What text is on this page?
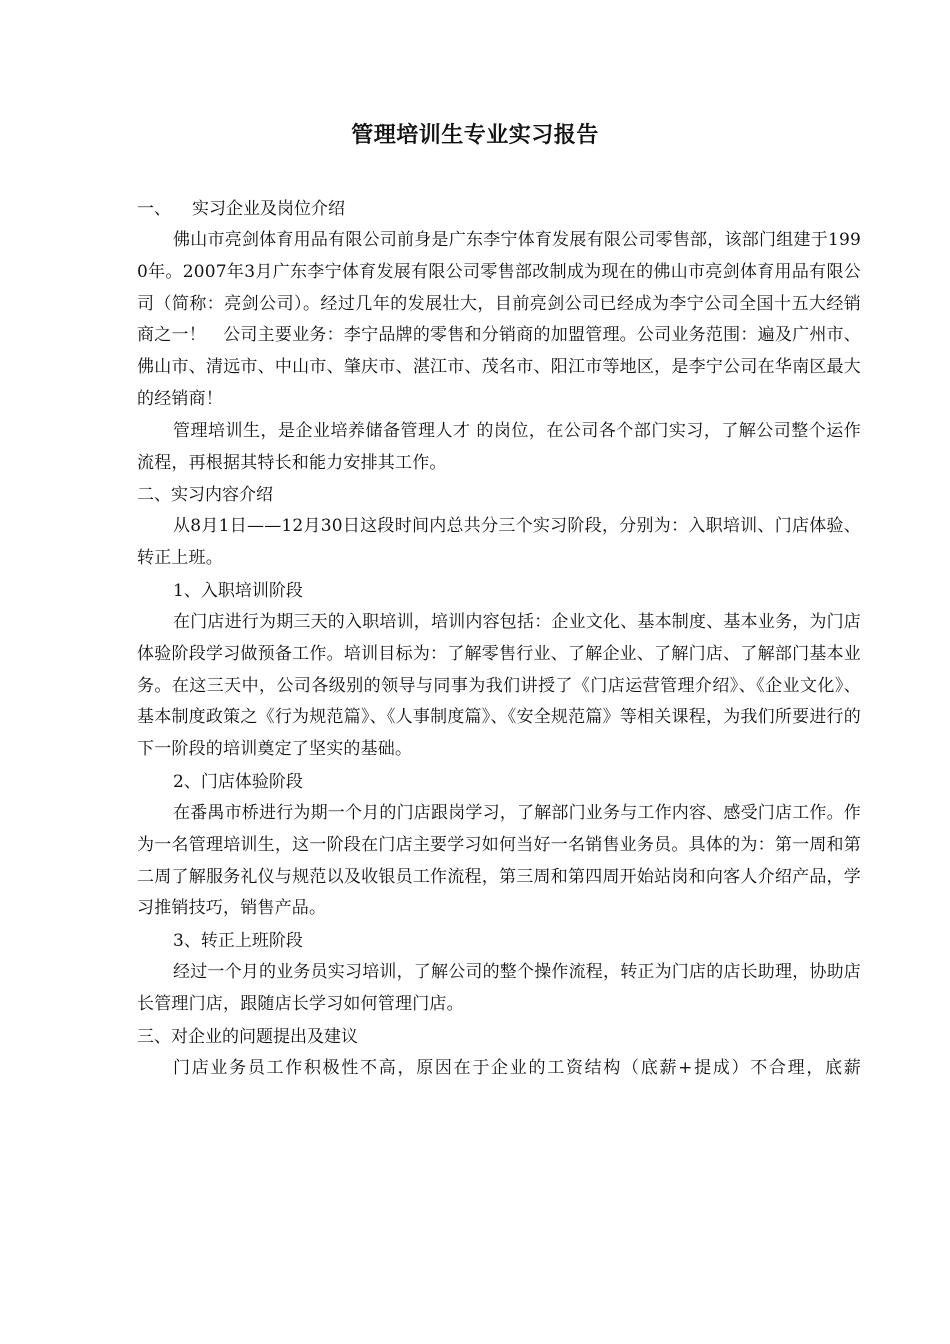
管理培训生专业实习报告
一、 实习企业及岗位介绍

佛山市亮剑体育用品有限公司前身是广东李宁体育发展有限公司零售部，该部门组建于1990年。2007年3月广东李宁体育发展有限公司零售部改制成为现在的佛山市亮剑体育用品有限公司（简称：亮剑公司）。经过几年的发展壮大，目前亮剑公司已经成为李宁公司全国十五大经销商之一！　公司主要业务：李宁品牌的零售和分销商的加盟管理。公司业务范围：遍及广州市、佛山市、清远市、中山市、肇庆市、湛江市、茂名市、阳江市等地区，是李宁公司在华南区最大的经销商！

管理培训生，是企业培养储备管理人才 的岗位，在公司各个部门实习，了解公司整个运作流程，再根据其特长和能力安排其工作。

二、实习内容介绍

从8月1日——12月30日这段时间内总共分三个实习阶段，分别为：入职培训、门店体验、转正上班。

1、入职培训阶段

在门店进行为期三天的入职培训，培训内容包括：企业文化、基本制度、基本业务，为门店体验阶段学习做预备工作。培训目标为：了解零售行业、了解企业、了解门店、了解部门基本业务。在这三天中，公司各级别的领导与同事为我们讲授了《门店运营管理介绍》、《企业文化》、基本制度政策之《行为规范篇》、《人事制度篇》、《安全规范篇》等相关课程，为我们所要进行的下一阶段的培训奠定了坚实的基础。

2、门店体验阶段

在番禺市桥进行为期一个月的门店跟岗学习，了解部门业务与工作内容、感受门店工作。作为一名管理培训生，这一阶段在门店主要学习如何当好一名销售业务员。具体的为：第一周和第二周了解服务礼仪与规范以及收银员工作流程，第三周和第四周开始站岗和向客人介绍产品，学习推销技巧，销售产品。

3、转正上班阶段

经过一个月的业务员实习培训，了解公司的整个操作流程，转正为门店的店长助理，协助店长管理门店，跟随店长学习如何管理门店。

三、对企业的问题提出及建议

门店业务员工作积极性不高，原因在于企业的工资结构（底薪+提成）不合理，底薪
